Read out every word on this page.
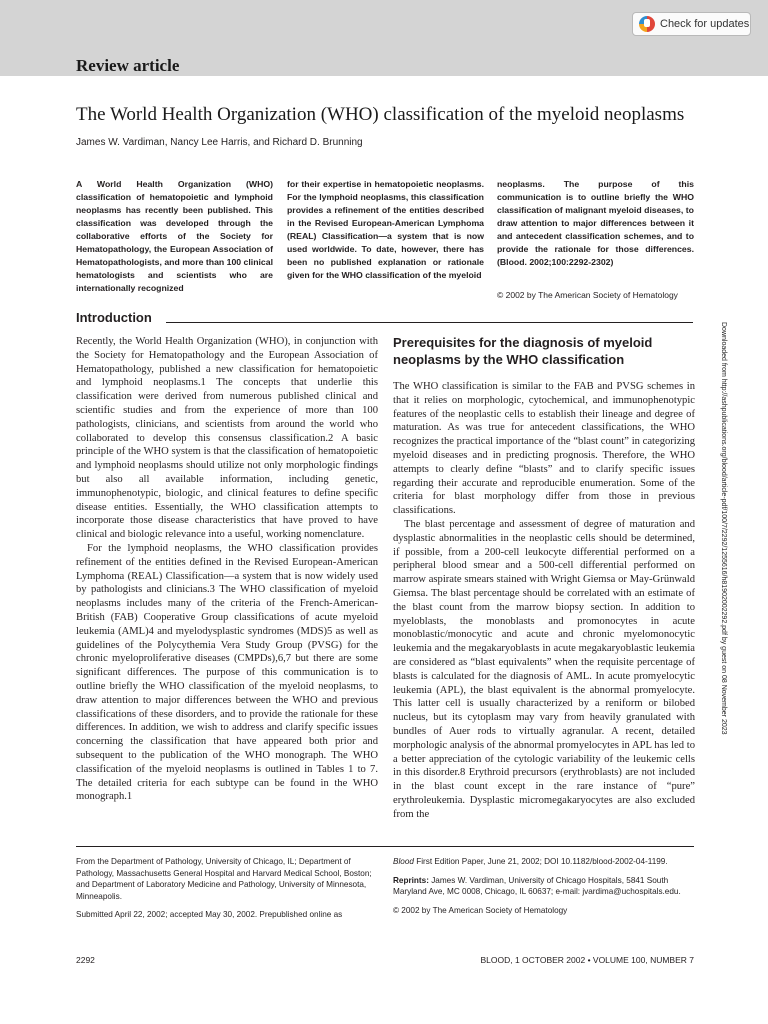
Check for updates
Review article
The World Health Organization (WHO) classification of the myeloid neoplasms
James W. Vardiman, Nancy Lee Harris, and Richard D. Brunning

A World Health Organization (WHO) classification of hematopoietic and lymphoid neoplasms has recently been published. This classification was developed through the collaborative efforts of the Society for Hematopathology, the European Association of Hematopathologists, and more than 100 clinical hematologists and scientists who are internationally recognized

for their expertise in hematopoietic neoplasms. For the lymphoid neoplasms, this classification provides a refinement of the entities described in the Revised European-American Lymphoma (REAL) Classification—a system that is now used worldwide. To date, however, there has been no published explanation or rationale given for the WHO classification of the myeloid

neoplasms. The purpose of this communication is to outline briefly the WHO classification of malignant myeloid diseases, to draw attention to major differences between it and antecedent classification schemes, and to provide the rationale for those differences. (Blood. 2002;100:2292-2302)

© 2002 by The American Society of Hematology
Introduction

Recently, the World Health Organization (WHO), in conjunction with the Society for Hematopathology and the European Association of Hematopathology, published a new classification for hematopoietic and lymphoid neoplasms.1 The concepts that underlie this classification were derived from numerous published clinical and scientific studies and from the experience of more than 100 pathologists, clinicians, and scientists from around the world who collaborated to develop this consensus classification.2 A basic principle of the WHO system is that the classification of hematopoietic and lymphoid neoplasms should utilize not only morphologic findings but also all available information, including genetic, immunophenotypic, biologic, and clinical features to define specific disease entities. Essentially, the WHO classification attempts to incorporate those disease characteristics that have proved to have clinical and biologic relevance into a useful, working nomenclature.

For the lymphoid neoplasms, the WHO classification provides refinement of the entities defined in the Revised European-American Lymphoma (REAL) Classification—a system that is now widely used by pathologists and clinicians.3 The WHO classification of myeloid neoplasms includes many of the criteria of the French-American-British (FAB) Cooperative Group classifications of acute myeloid leukemia (AML)4 and myelodysplastic syndromes (MDS)5 as well as guidelines of the Polycythemia Vera Study Group (PVSG) for the chronic myeloproliferative diseases (CMPDs),6,7 but there are some significant differences. The purpose of this communication is to outline briefly the WHO classification of the myeloid neoplasms, to draw attention to major differences between the WHO and previous classifications of these disorders, and to provide the rationale for these differences. In addition, we wish to address and clarify specific issues concerning the classification that have appeared both prior and subsequent to the publication of the WHO monograph. The WHO classification of the myeloid neoplasms is outlined in Tables 1 to 7. The detailed criteria for each subtype can be found in the WHO monograph.1

Prerequisites for the diagnosis of myeloid neoplasms by the WHO classification

The WHO classification is similar to the FAB and PVSG schemes in that it relies on morphologic, cytochemical, and immunophenotypic features of the neoplastic cells to establish their lineage and degree of maturation. As was true for antecedent classifications, the WHO recognizes the practical importance of the “blast count” in categorizing myeloid diseases and in predicting prognosis. Therefore, the WHO attempts to clearly define “blasts” and to clarify specific issues regarding their accurate and reproducible enumeration. Some of the criteria for blast morphology differ from those in previous classifications.

The blast percentage and assessment of degree of maturation and dysplastic abnormalities in the neoplastic cells should be determined, if possible, from a 200-cell leukocyte differential performed on a peripheral blood smear and a 500-cell differential performed on marrow aspirate smears stained with Wright Giemsa or May-Grünwald Giemsa. The blast percentage should be correlated with an estimate of the blast count from the marrow biopsy section. In addition to myeloblasts, the monoblasts and promonocytes in acute monoblastic/monocytic and acute and chronic myelomonocytic leukemia and the megakaryoblasts in acute megakaryoblastic leukemia are considered as “blast equivalents” when the requisite percentage of blasts is calculated for the diagnosis of AML. In acute promyelocytic leukemia (APL), the blast equivalent is the abnormal promyelocyte. This latter cell is usually characterized by a reniform or bilobed nucleus, but its cytoplasm may vary from heavily granulated with bundles of Auer rods to virtually agranular. A recent, detailed morphologic analysis of the abnormal promyelocytes in APL has led to a better appreciation of the cytologic variability of the leukemic cells in this disorder.8 Erythroid precursors (erythroblasts) are not included in the blast count except in the rare instance of “pure” erythroleukemia. Dysplastic micromegakaryocytes are also excluded from the

Downloaded from http://ashpublications.org/blood/article-pdf/100/7/2292/1255616/h81902002292.pdf by guest on 08 November 2023

From the Department of Pathology, University of Chicago, IL; Department of Pathology, Massachusetts General Hospital and Harvard Medical School, Boston; and Department of Laboratory Medicine and Pathology, University of Minnesota, Minneapolis.

Submitted April 22, 2002; accepted May 30, 2002. Prepublished online as

Blood First Edition Paper, June 21, 2002; DOI 10.1182/blood-2002-04-1199.

Reprints: James W. Vardiman, University of Chicago Hospitals, 5841 South Maryland Ave, MC 0008, Chicago, IL 60637; e-mail: jvardima@uchospitals.edu.

© 2002 by The American Society of Hematology

2292	BLOOD, 1 OCTOBER 2002 • VOLUME 100, NUMBER 7
